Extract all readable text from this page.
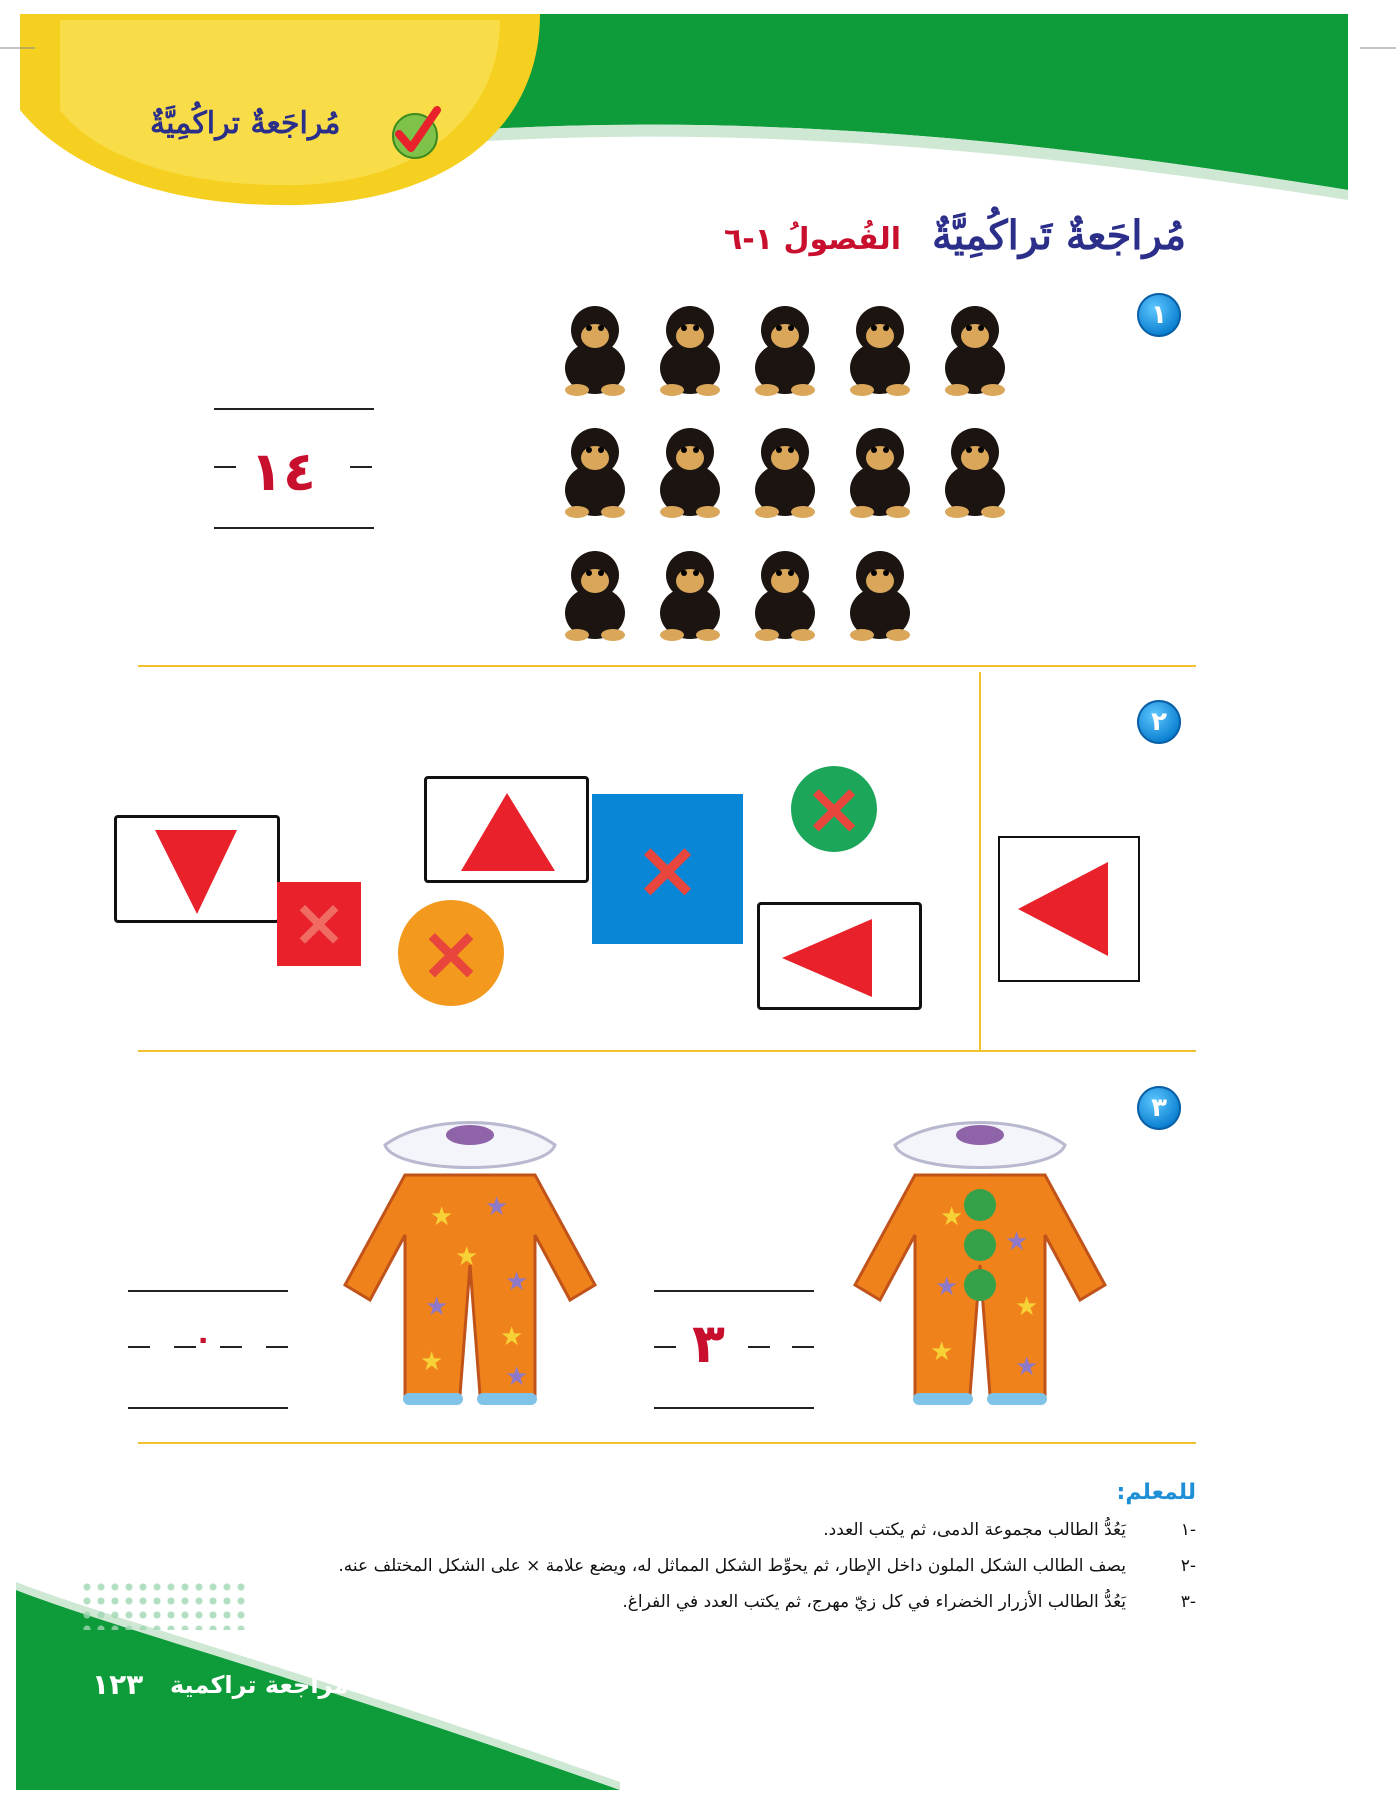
مُراجَعةٌ تراكُمِيَّةٌ
مُراجَعةٌ تَراكُمِيَّةٌ
الفُصولُ ١-٦
١
١٤
٢
× ×
×
×
٣
★
★
★
★
★ ★
٣
★ ★
★
★
★
★
★ ★
٠
للمعلم:
-١
يَعُدُّ الطالب مجموعة الدمى، ثم يكتب العدد.
-٢
يصف الطالب الشكل الملون داخل الإطار، ثم يحوِّط الشكل المماثل له، ويضع علامة × على الشكل المختلف عنه.
-٣
يَعُدُّ الطالب الأزرار الخضراء في كل زيّ مهرج، ثم يكتب العدد في الفراغ.
مراجعة تراكمية
١٢٣
